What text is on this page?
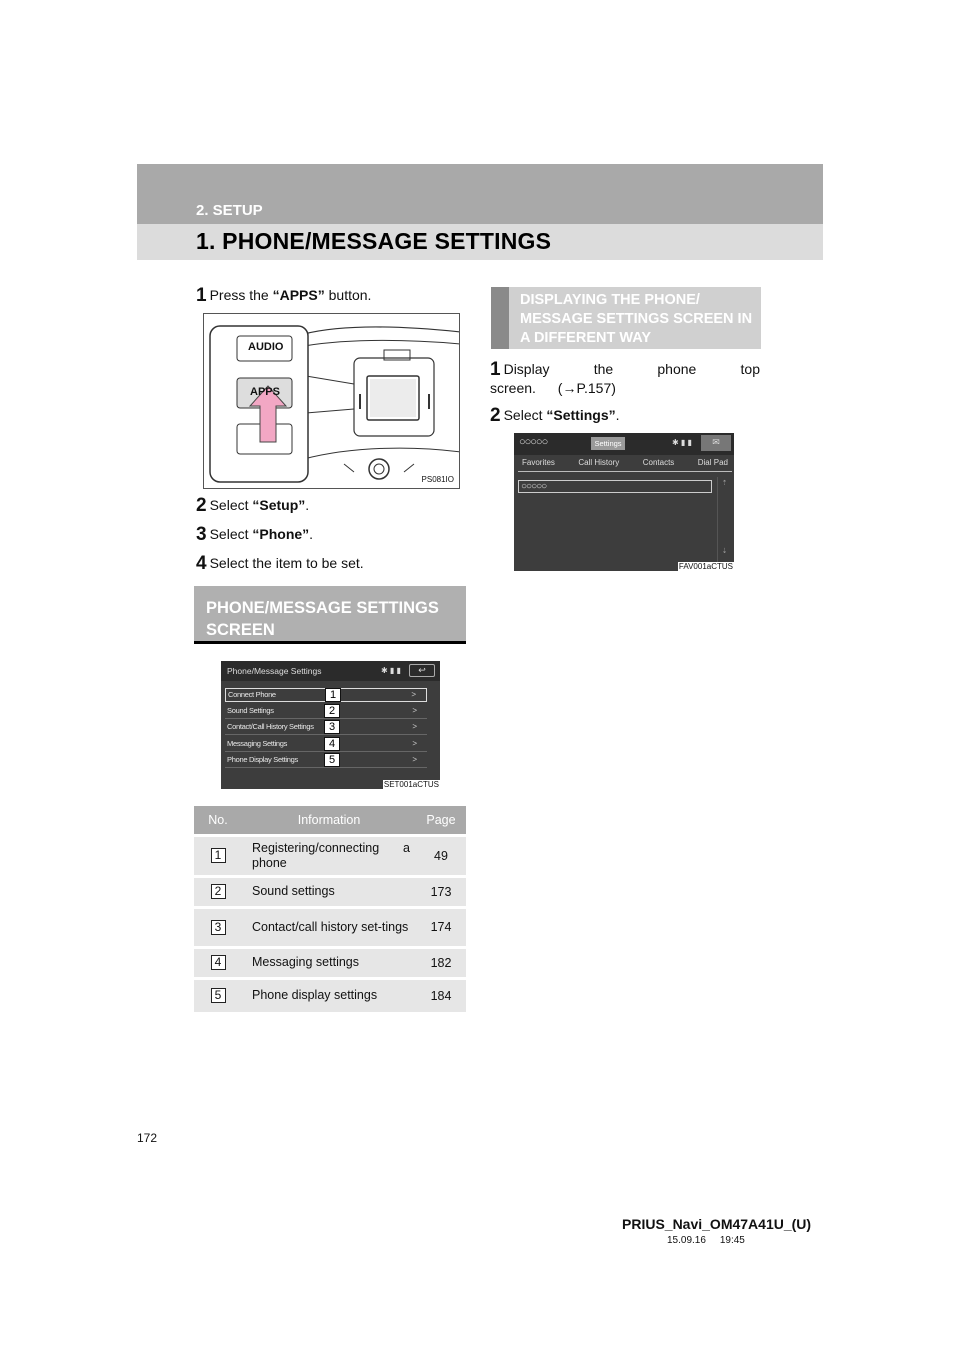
2. SETUP
1. PHONE/MESSAGE SETTINGS
1 Press the “APPS” button.
AUDIO
APPS
PS081IO
2 Select “Setup”.
3 Select “Phone”.
4 Select the item to be set.
PHONE/MESSAGE SETTINGS SCREEN
Phone/Message Settings	✱ ▮ ▮	↩
Connect Phone	1	>
Sound Settings	2	>
Contact/Call History Settings	3	>
Messaging Settings	4	>
Phone Display Settings	5	>
SET001aCTUS
No.	Information	Page
1	Registering/connecting a phone	49
2	Sound settings	173
3	Contact/call history set-tings	174
4	Messaging settings	182
5	Phone display settings	184
DISPLAYING THE PHONE/ MESSAGE SETTINGS SCREEN IN A DIFFERENT WAY
1 Display the phone top screen. (→P.157)
2 Select “Settings”.
○○○○○	Settings	✱ ▮ ▮	✉
Favorites	Call History	Contacts	Dial Pad
○○○○○	⇡
⇣
FAV001aCTUS
172
PRIUS_Navi_OM47A41U_(U)
15.09.16     19:45
